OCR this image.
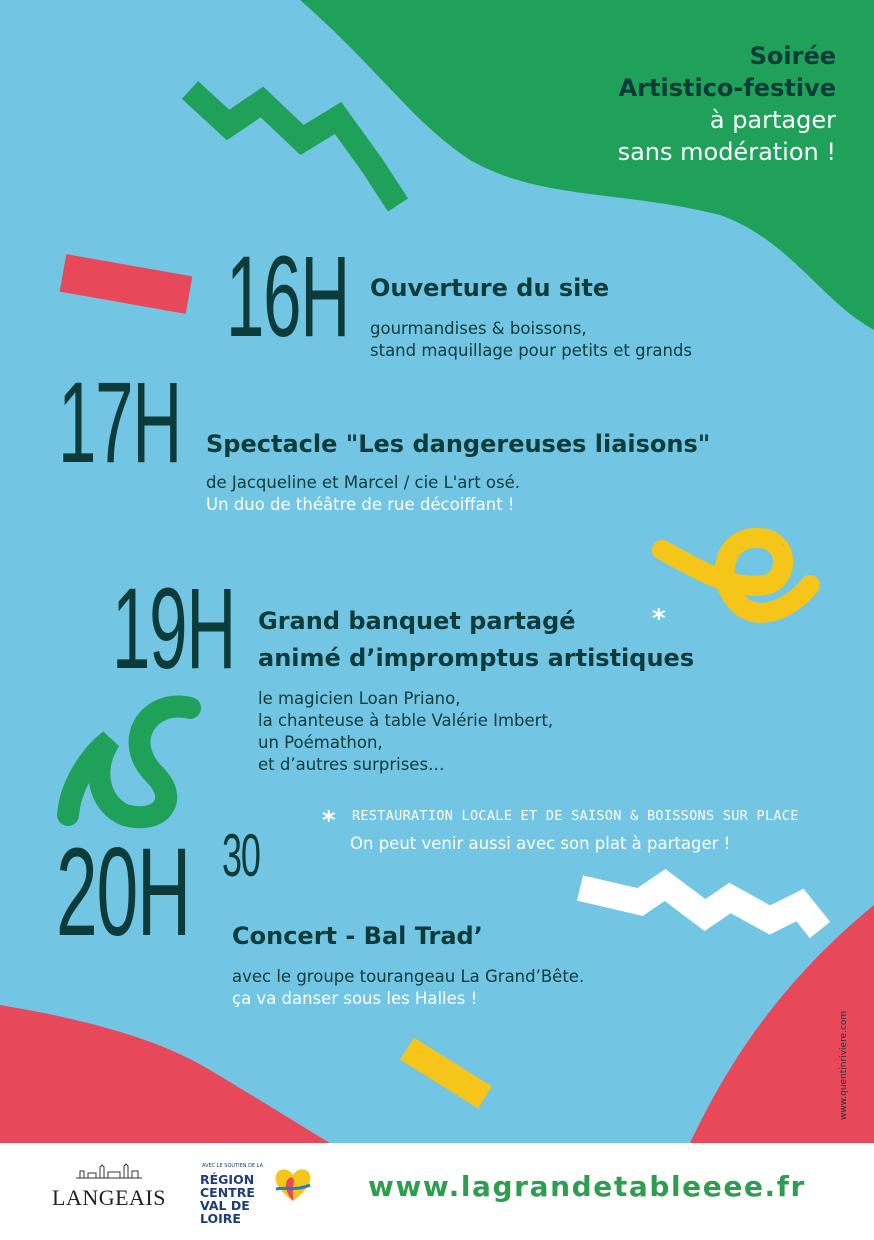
Soirée
Artistico-festive
à partager
sans modération !
16H Ouverture du site
gourmandises & boissons,
stand maquillage pour petits et grands
17H Spectacle "Les dangereuses liaisons"
de Jacqueline et Marcel / cie L'art osé.
Un duo de théâtre de rue décoiffant !
19H Grand banquet partagé	*
animé d’impromptus artistiques
le magicien Loan Priano,
la chanteuse à table Valérie Imbert,
un Poémathon,
et d’autres surprises…
* RESTAURATION LOCALE ET DE SAISON & BOISSONS SUR PLACE
On peut venir aussi avec son plat à partager !
20H 30
Concert - Bal Trad’
avec le groupe tourangeau La Grand’Bête.
ça va danser sous les Halles !
www.quentinriviere.com
LANGEAIS
AVEC LE SOUTIEN DE LA
RÉGION CENTRE VAL DE LOIRE
www.lagrandetableeee.fr
